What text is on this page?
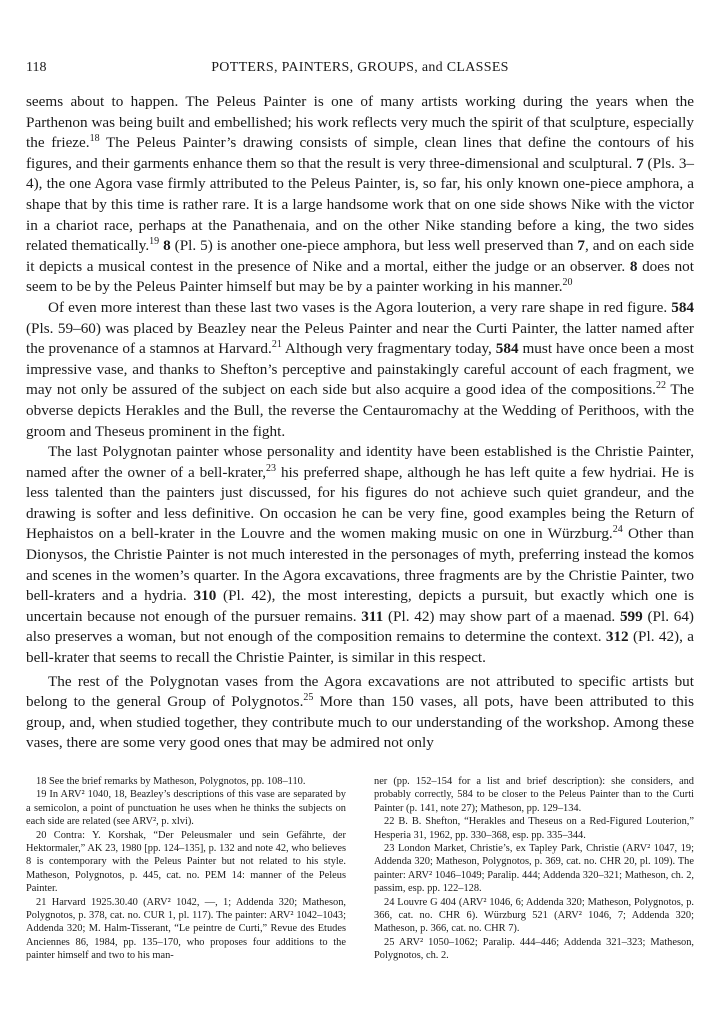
118	POTTERS, PAINTERS, GROUPS, and CLASSES

seems about to happen. The Peleus Painter is one of many artists working during the years when the Parthenon was being built and embellished; his work reflects very much the spirit of that sculpture, especially the frieze.$^{18}$ The Peleus Painter’s drawing consists of simple, clean lines that define the contours of his figures, and their garments enhance them so that the result is very three-dimensional and sculptural. 7 (Pls. 3–4), the one Agora vase firmly attributed to the Peleus Painter, is, so far, his only known one-piece amphora, a shape that by this time is rather rare. It is a large handsome work that on one side shows Nike with the victor in a chariot race, perhaps at the Panathenaia, and on the other Nike standing before a king, the two sides related thematically.$^{19}$ 8 (Pl. 5) is another one-piece amphora, but less well preserved than 7, and on each side it depicts a musical contest in the presence of Nike and a mortal, either the judge or an observer. 8 does not seem to be by the Peleus Painter himself but may be by a painter working in his manner.$^{20}$

Of even more interest than these last two vases is the Agora louterion, a very rare shape in red figure. 584 (Pls. 59–60) was placed by Beazley near the Peleus Painter and near the Curti Painter, the latter named after the provenance of a stamnos at Harvard.$^{21}$ Although very fragmentary today, 584 must have once been a most impressive vase, and thanks to Shefton’s perceptive and painstakingly careful account of each fragment, we may not only be assured of the subject on each side but also acquire a good idea of the compositions.$^{22}$ The obverse depicts Herakles and the Bull, the reverse the Centauromachy at the Wedding of Perithoos, with the groom and Theseus prominent in the fight.

The last Polygnotan painter whose personality and identity have been established is the Christie Painter, named after the owner of a bell-krater,$^{23}$ his preferred shape, although he has left quite a few hydriai. He is less talented than the painters just discussed, for his figures do not achieve such quiet grandeur, and the drawing is softer and less definitive. On occasion he can be very fine, good examples being the Return of Hephaistos on a bell-krater in the Louvre and the women making music on one in Würzburg.$^{24}$ Other than Dionysos, the Christie Painter is not much interested in the personages of myth, preferring instead the komos and scenes in the women’s quarter. In the Agora excavations, three fragments are by the Christie Painter, two bell-kraters and a hydria. 310 (Pl. 42), the most interesting, depicts a pursuit, but exactly which one is uncertain because not enough of the pursuer remains. 311 (Pl. 42) may show part of a maenad. 599 (Pl. 64) also preserves a woman, but not enough of the composition remains to determine the context. 312 (Pl. 42), a bell-krater that seems to recall the Christie Painter, is similar in this respect.

The rest of the Polygnotan vases from the Agora excavations are not attributed to specific artists but belong to the general Group of Polygnotos.$^{25}$ More than 150 vases, all pots, have been attributed to this group, and, when studied together, they contribute much to our understanding of the workshop. Among these vases, there are some very good ones that may be admired not only

18 See the brief remarks by Matheson, Polygnotos, pp. 108–110.

19 In ARV² 1040, 18, Beazley’s descriptions of this vase are separated by a semicolon, a point of punctuation he uses when he thinks the subjects on each side are related (see ARV², p. xlvi).

20 Contra: Y. Korshak, “Der Peleusmaler und sein Gefährte, der Hektormaler,” AK 23, 1980 [pp. 124–135], p. 132 and note 42, who believes 8 is contemporary with the Peleus Painter but not related to his style. Matheson, Polygnotos, p. 445, cat. no. PEM 14: manner of the Peleus Painter.

21 Harvard 1925.30.40 (ARV² 1042, —, 1; Addenda 320; Matheson, Polygnotos, p. 378, cat. no. CUR 1, pl. 117). The painter: ARV² 1042–1043; Addenda 320; M. Halm-Tisserant, “Le peintre de Curti,” Revue des Etudes Anciennes 86, 1984, pp. 135–170, who proposes four additions to the painter himself and two to his man-

ner (pp. 152–154 for a list and brief description): she considers, and probably correctly, 584 to be closer to the Peleus Painter than to the Curti Painter (p. 141, note 27); Matheson, pp. 129–134.

22 B. B. Shefton, “Herakles and Theseus on a Red-Figured Louterion,” Hesperia 31, 1962, pp. 330–368, esp. pp. 335–344.

23 London Market, Christie’s, ex Tapley Park, Christie (ARV² 1047, 19; Addenda 320; Matheson, Polygnotos, p. 369, cat. no. CHR 20, pl. 109). The painter: ARV² 1046–1049; Paralip. 444; Addenda 320–321; Matheson, ch. 2, passim, esp. pp. 122–128.

24 Louvre G 404 (ARV² 1046, 6; Addenda 320; Matheson, Polygnotos, p. 366, cat. no. CHR 6). Würzburg 521 (ARV² 1046, 7; Addenda 320; Matheson, p. 366, cat. no. CHR 7).

25 ARV² 1050–1062; Paralip. 444–446; Addenda 321–323; Matheson, Polygnotos, ch. 2.
